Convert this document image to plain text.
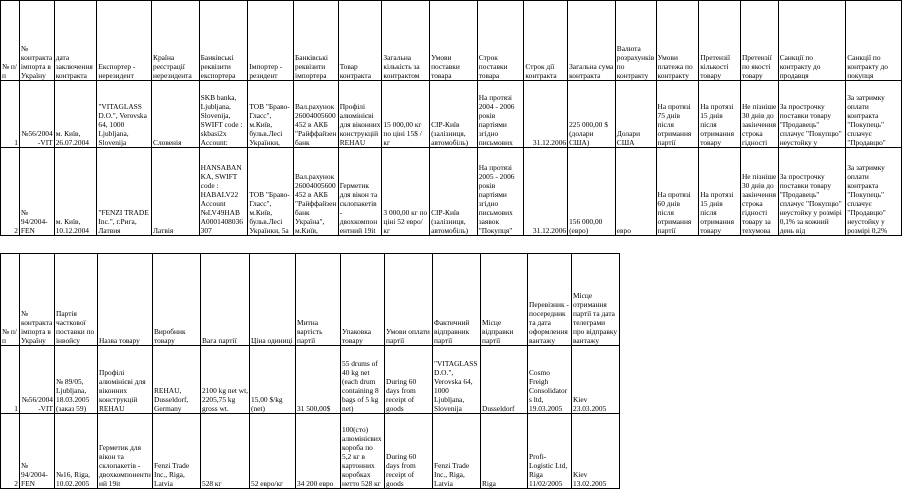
№ п/п	№ контракта імпорта в Україну	дата заключення контракта	Експортер - нерезидент	Країна реєстрації нерезидента	Банківські реквізити експортера	Імпортер - резидент	Банківські реквізити імпортера	Товар контракта	Загальна кількість за контрактом	Умови поставки товара	Строк поставки товара	Строк дії контракта	Загальна сума контракта	Валюта розрахунків по контракту	Умови платежа по контракту	Претензії кількості товару	Претензії по якості товару	Санкції по контракту до продавця	Санкції по контракту до покупця
1	№56/2004-VIT	м. Київ, 26.07.2004	"VITAGLASS D.O.", Verovska 64, 1000 Ljubljana, Slovenija	Словенія	SKB banka, Ljubljana, Slovenija, SWIFT code : skbasi2x Account:	ТОВ "Браво-Гласс", м.Київ, бульв.Лесі Українки,	Вал.рахунок 26004005600 452 в АКБ "Райффайзенбанк	Профілі алюмінієві для віконних конструкцій REHAU	15 000,00 кг по ціні 15$ /кг	CIP-Київ (залізниця, автомобіль)	На протязі 2004 - 2006 років партіями згідно письмових	31.12.2006	225 000,00 $ (долари США)	Долари США	На протязі 75 днів після отримання партії	На протязі 15 днів після отримання товару	Не пізніше 30 днів до закінчення строка гідності	За прострочку поставки товару "Продавець" сплачує "Покупцю" неустойку у	За затримку оплати контракта "Покупець" сплачує "Продавцю"
2	№ 94/2004-FEN	м. Київ, 10.12.2004	"FENZI TRADE Inc.", г.Рига, Латвия	Латвія	HANSABANKA, SWIFT code : HABALV22 Account №LV49HAB A0001408036307	ТОВ "Браво-Гласс", м.Київ, бульв.Лесі Українки, 5а	Вал.рахунок 26004005600 452 в АКБ "Райффайзенбанк Україна", м.Київ,	Герметик для вікон та склопакетів - двохкомпонентний 19іt	3 000,00 кг по ціні 52 евро/кг	CIP-Київ (залізниця, автомобіль)	На протязі 2005 - 2006 років партіями згідно письмових заявок "Покупця"	31.12.2006	156 000,00 (евро)	евро	На протязі 60 днів після отримання партії	На протязі 15 днів після отримання товару	Не пізніше 30 днів до закінчення строка гідності товару за техумова	За прострочку поставки товару "Продавець" сплачує "Покупцю" неустойку у розмірі 0,1% за кожний день від	За затримку оплати контракта "Покупець" сплачує "Продавцю" неустойку у розмірі 0,2%
№ п/п	№ контракта імпорта в Україну	Партія часткової поставки по інвойсу	Назва товару	Виробник товару	Вага партії	Ціна одиниці	Митна вартість партії	Упаковка товару	Умови оплати партії	Фактичний відправник партії	Місце відправки партії	Перевізник - посередник та дата оформлення вантажу	Місце отримання партії та дата телеграми про відправку вантажу
1	№56/2004-VIT	№ 89/05, Ljubljana, 18.03.2005 (заказ 59)	Профілі алюмінієві для віконних конструкцій REHAU	REHAU, Dusseldorf, Germany	2100 kg net wt, 2205,75 kg gross wt.	15,00 $/kg (net)	31 500,00$	55 drums of 40 kg net (each drum containing 8 bags of 5 kg net)	During 60 days from receipt of goods	"VITAGLASS D.O.", Verovska 64, 1000 Ljubljana, Slovenija	Dusseldorf	Cosmo Freigh Consolidators ltd, 19.03.2005	Kiev 23.03.2005
2	№ 94/2004-FEN	№16, Riga, 10.02.2005	Герметик для вікон та склопакетів - двохкомпонентний 19іt	Fenzi Trade Inc., Riga, Latvia	528 кг	52 евро/кг	34 200 евро	100(сто) алюмінієвих короба по 5,2 кг в картонних коробках нетто 528 кг	During 60 days from receipt of goods	Fenzi Trade Inc., Riga, Latvia	Riga	Profi-Logistic Ltd, Riga 11/02/2005	Kiev 13.02.2005
